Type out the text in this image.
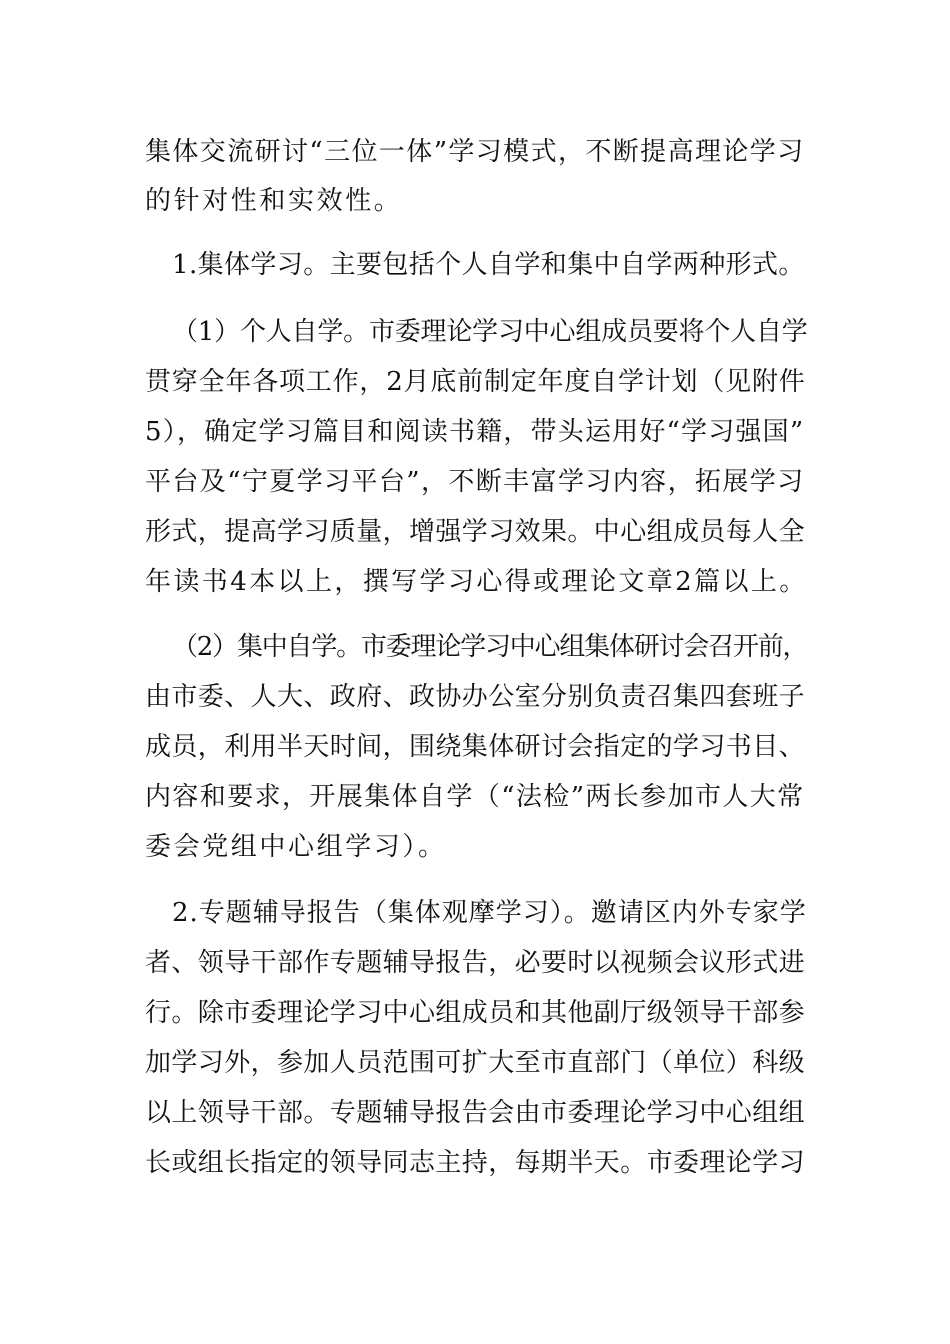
集体交流研讨“三位一体”学习模式，不断提高理论学习
的针对性和实效性。
1.集体学习。主要包括个人自学和集中自学两种形式。
（1）个人自学。市委理论学习中心组成员要将个人自学
贯穿全年各项工作，2月底前制定年度自学计划（见附件
5），确定学习篇目和阅读书籍，带头运用好“学习强国”
平台及“宁夏学习平台”，不断丰富学习内容，拓展学习
形式，提高学习质量，增强学习效果。中心组成员每人全
年读书4本以上，撰写学习心得或理论文章2篇以上。
（2）集中自学。市委理论学习中心组集体研讨会召开前，
由市委、人大、政府、政协办公室分别负责召集四套班子
成员，利用半天时间，围绕集体研讨会指定的学习书目、
内容和要求，开展集体自学（“法检”两长参加市人大常
委会党组中心组学习）。
2.专题辅导报告（集体观摩学习）。邀请区内外专家学
者、领导干部作专题辅导报告，必要时以视频会议形式进
行。除市委理论学习中心组成员和其他副厅级领导干部参
加学习外，参加人员范围可扩大至市直部门（单位）科级
以上领导干部。专题辅导报告会由市委理论学习中心组组
长或组长指定的领导同志主持，每期半天。市委理论学习
